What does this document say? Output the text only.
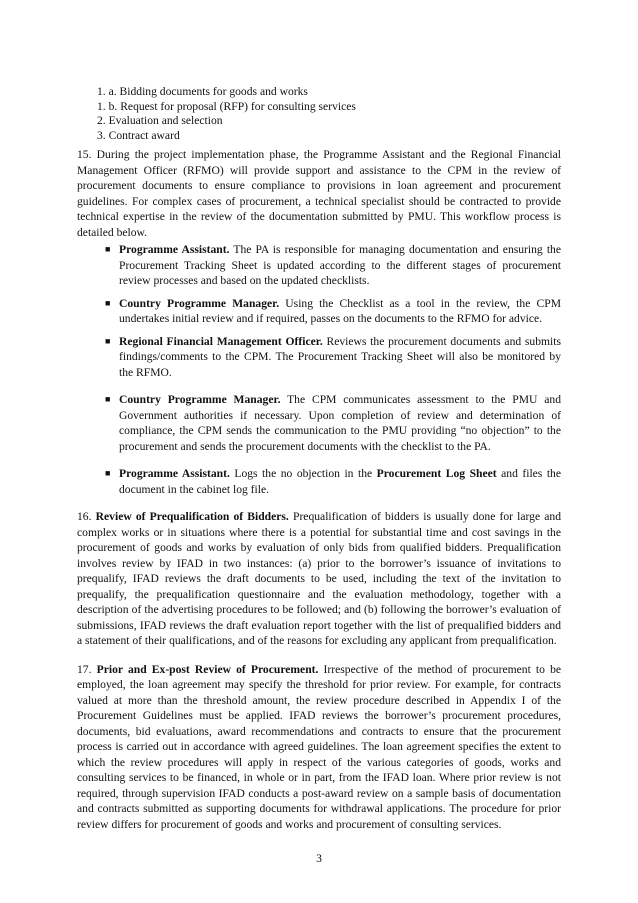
1. a. Bidding documents for goods and works
1. b. Request for proposal (RFP) for consulting services
2. Evaluation and selection
3. Contract award

15. During the project implementation phase, the Programme Assistant and the Regional Financial Management Officer (RFMO) will provide support and assistance to the CPM in the review of procurement documents to ensure compliance to provisions in loan agreement and procurement guidelines. For complex cases of procurement, a technical specialist should be contracted to provide technical expertise in the review of the documentation submitted by PMU. This workflow process is detailed below.

■ Programme Assistant. The PA is responsible for managing documentation and ensuring the Procurement Tracking Sheet is updated according to the different stages of procurement review processes and based on the updated checklists.
■ Country Programme Manager. Using the Checklist as a tool in the review, the CPM undertakes initial review and if required, passes on the documents to the RFMO for advice.
■ Regional Financial Management Officer. Reviews the procurement documents and submits findings/comments to the CPM. The Procurement Tracking Sheet will also be monitored by the RFMO.
■ Country Programme Manager. The CPM communicates assessment to the PMU and Government authorities if necessary. Upon completion of review and determination of compliance, the CPM sends the communication to the PMU providing “no objection” to the procurement and sends the procurement documents with the checklist to the PA.
■ Programme Assistant. Logs the no objection in the Procurement Log Sheet and files the document in the cabinet log file.

16. Review of Prequalification of Bidders. Prequalification of bidders is usually done for large and complex works or in situations where there is a potential for substantial time and cost savings in the procurement of goods and works by evaluation of only bids from qualified bidders. Prequalification involves review by IFAD in two instances: (a) prior to the borrower’s issuance of invitations to prequalify, IFAD reviews the draft documents to be used, including the text of the invitation to prequalify, the prequalification questionnaire and the evaluation methodology, together with a description of the advertising procedures to be followed; and (b) following the borrower’s evaluation of submissions, IFAD reviews the draft evaluation report together with the list of prequalified bidders and a statement of their qualifications, and of the reasons for excluding any applicant from prequalification.

17. Prior and Ex-post Review of Procurement. Irrespective of the method of procurement to be employed, the loan agreement may specify the threshold for prior review. For example, for contracts valued at more than the threshold amount, the review procedure described in Appendix I of the Procurement Guidelines must be applied. IFAD reviews the borrower’s procurement procedures, documents, bid evaluations, award recommendations and contracts to ensure that the procurement process is carried out in accordance with agreed guidelines. The loan agreement specifies the extent to which the review procedures will apply in respect of the various categories of goods, works and consulting services to be financed, in whole or in part, from the IFAD loan. Where prior review is not required, through supervision IFAD conducts a post-award review on a sample basis of documentation and contracts submitted as supporting documents for withdrawal applications. The procedure for prior review differs for procurement of goods and works and procurement of consulting services.

3
